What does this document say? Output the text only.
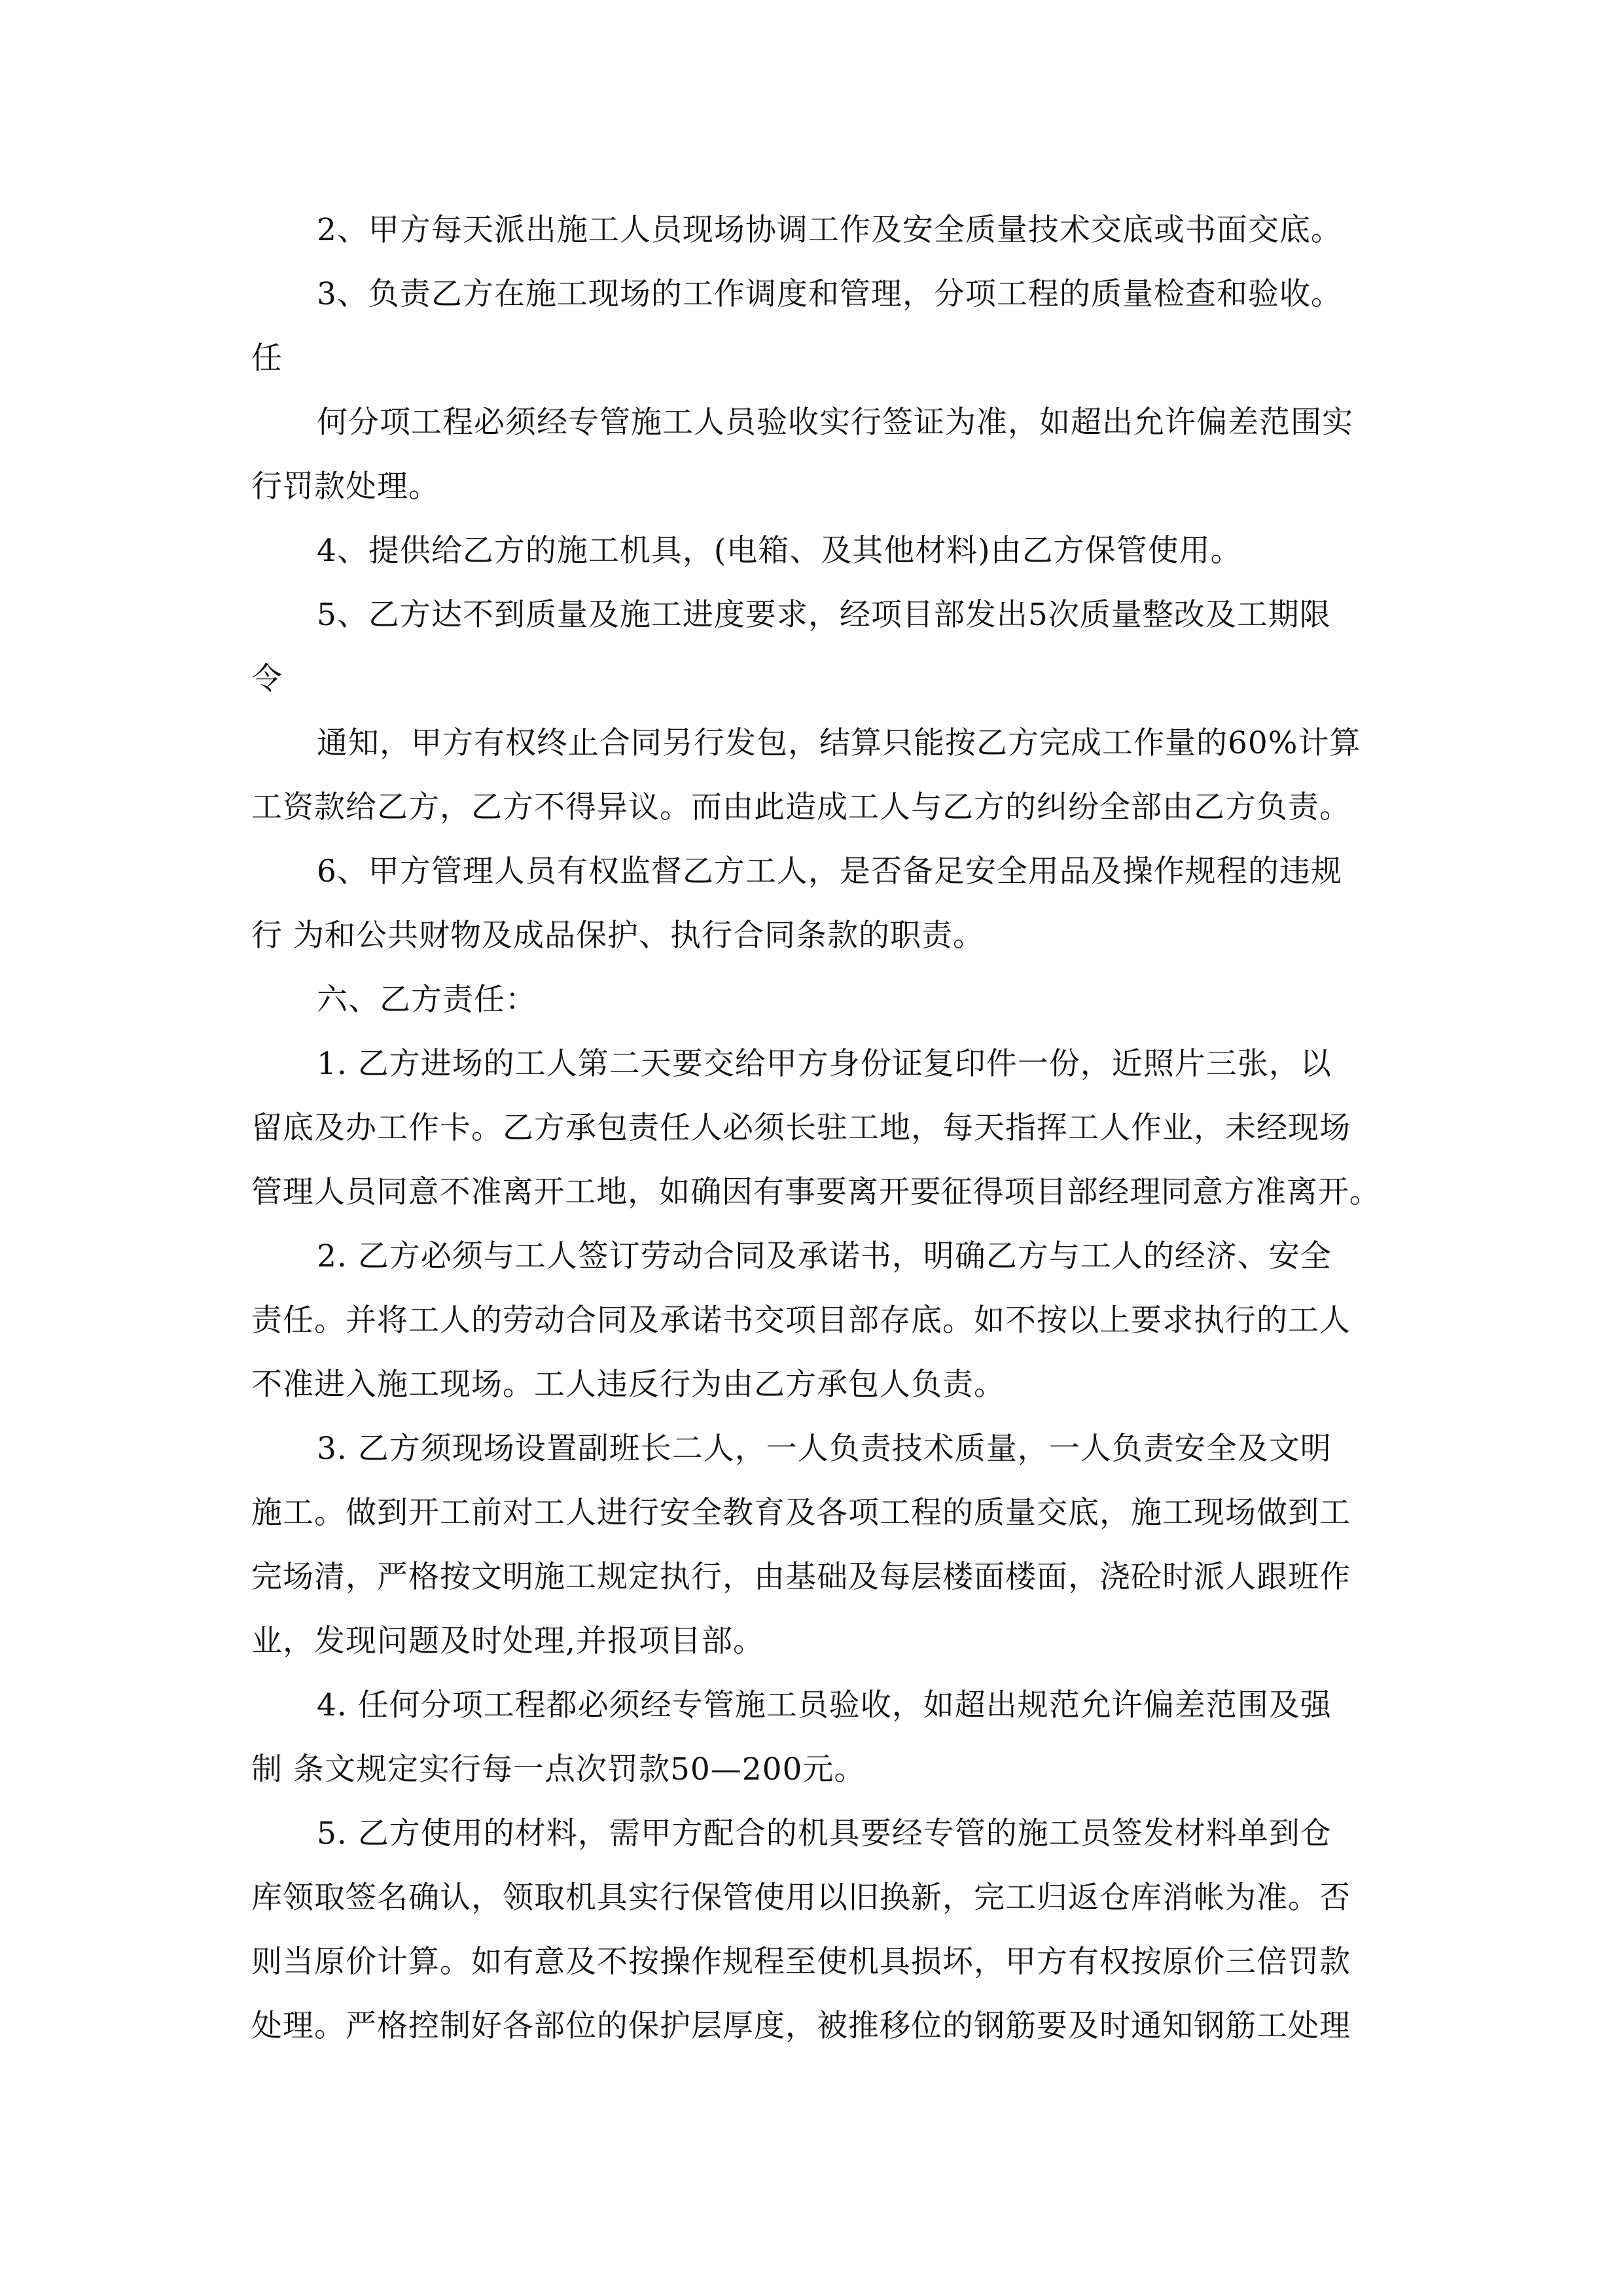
2、甲方每天派出施工人员现场协调工作及安全质量技术交底或书面交底。
3、负责乙方在施工现场的工作调度和管理，分项工程的质量检查和验收。
任
何分项工程必须经专管施工人员验收实行签证为准，如超出允许偏差范围实
行罚款处理。
4、提供给乙方的施工机具，(电箱、及其他材料)由乙方保管使用。
5、乙方达不到质量及施工进度要求，经项目部发出5次质量整改及工期限
令
通知，甲方有权终止合同另行发包，结算只能按乙方完成工作量的60%计算
工资款给乙方，乙方不得异议。而由此造成工人与乙方的纠纷全部由乙方负责。
6、甲方管理人员有权监督乙方工人，是否备足安全用品及操作规程的违规
行 为和公共财物及成品保护、执行合同条款的职责。
六、乙方责任：
1. 乙方进场的工人第二天要交给甲方身份证复印件一份，近照片三张，以
留底及办工作卡。乙方承包责任人必须长驻工地，每天指挥工人作业，未经现场
管理人员同意不准离开工地，如确因有事要离开要征得项目部经理同意方准离开。
2. 乙方必须与工人签订劳动合同及承诺书，明确乙方与工人的经济、安全
责任。并将工人的劳动合同及承诺书交项目部存底。如不按以上要求执行的工人
不准进入施工现场。工人违反行为由乙方承包人负责。
3. 乙方须现场设置副班长二人，一人负责技术质量，一人负责安全及文明
施工。做到开工前对工人进行安全教育及各项工程的质量交底，施工现场做到工
完场清，严格按文明施工规定执行，由基础及每层楼面楼面，浇砼时派人跟班作
业，发现问题及时处理,并报项目部。
4. 任何分项工程都必须经专管施工员验收，如超出规范允许偏差范围及强
制 条文规定实行每一点次罚款50—200元。
5. 乙方使用的材料，需甲方配合的机具要经专管的施工员签发材料单到仓
库领取签名确认，领取机具实行保管使用以旧换新，完工归返仓库消帐为准。否
则当原价计算。如有意及不按操作规程至使机具损坏，甲方有权按原价三倍罚款
处理。严格控制好各部位的保护层厚度，被推移位的钢筋要及时通知钢筋工处理
